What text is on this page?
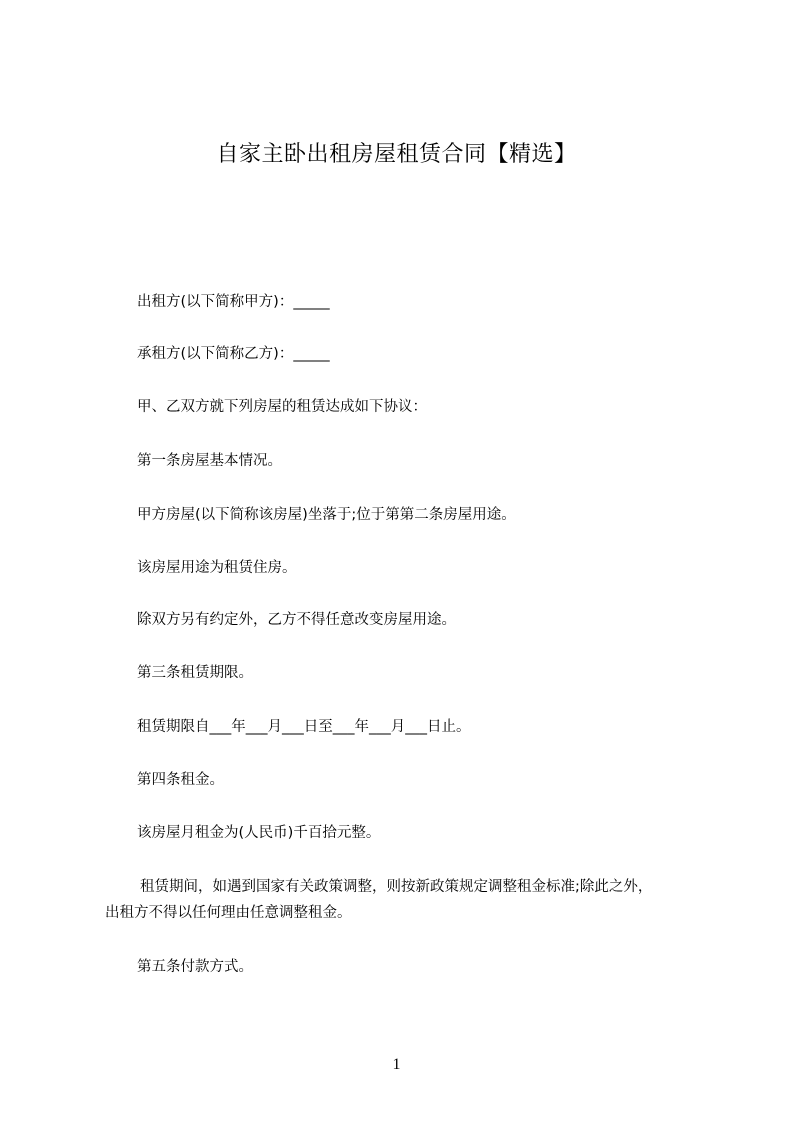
自家主卧出租房屋租赁合同【精选】
出租方(以下简称甲方)：_____
承租方(以下简称乙方)：_____
甲、乙双方就下列房屋的租赁达成如下协议：
第一条房屋基本情况。
甲方房屋(以下简称该房屋)坐落于;位于第第二条房屋用途。
该房屋用途为租赁住房。
除双方另有约定外，乙方不得任意改变房屋用途。
第三条租赁期限。
租赁期限自___年___月___日至___年___月___日止。
第四条租金。
该房屋月租金为(人民币)千百拾元整。
租赁期间，如遇到国家有关政策调整，则按新政策规定调整租金标准;除此之外，
出租方不得以任何理由任意调整租金。
第五条付款方式。
1
